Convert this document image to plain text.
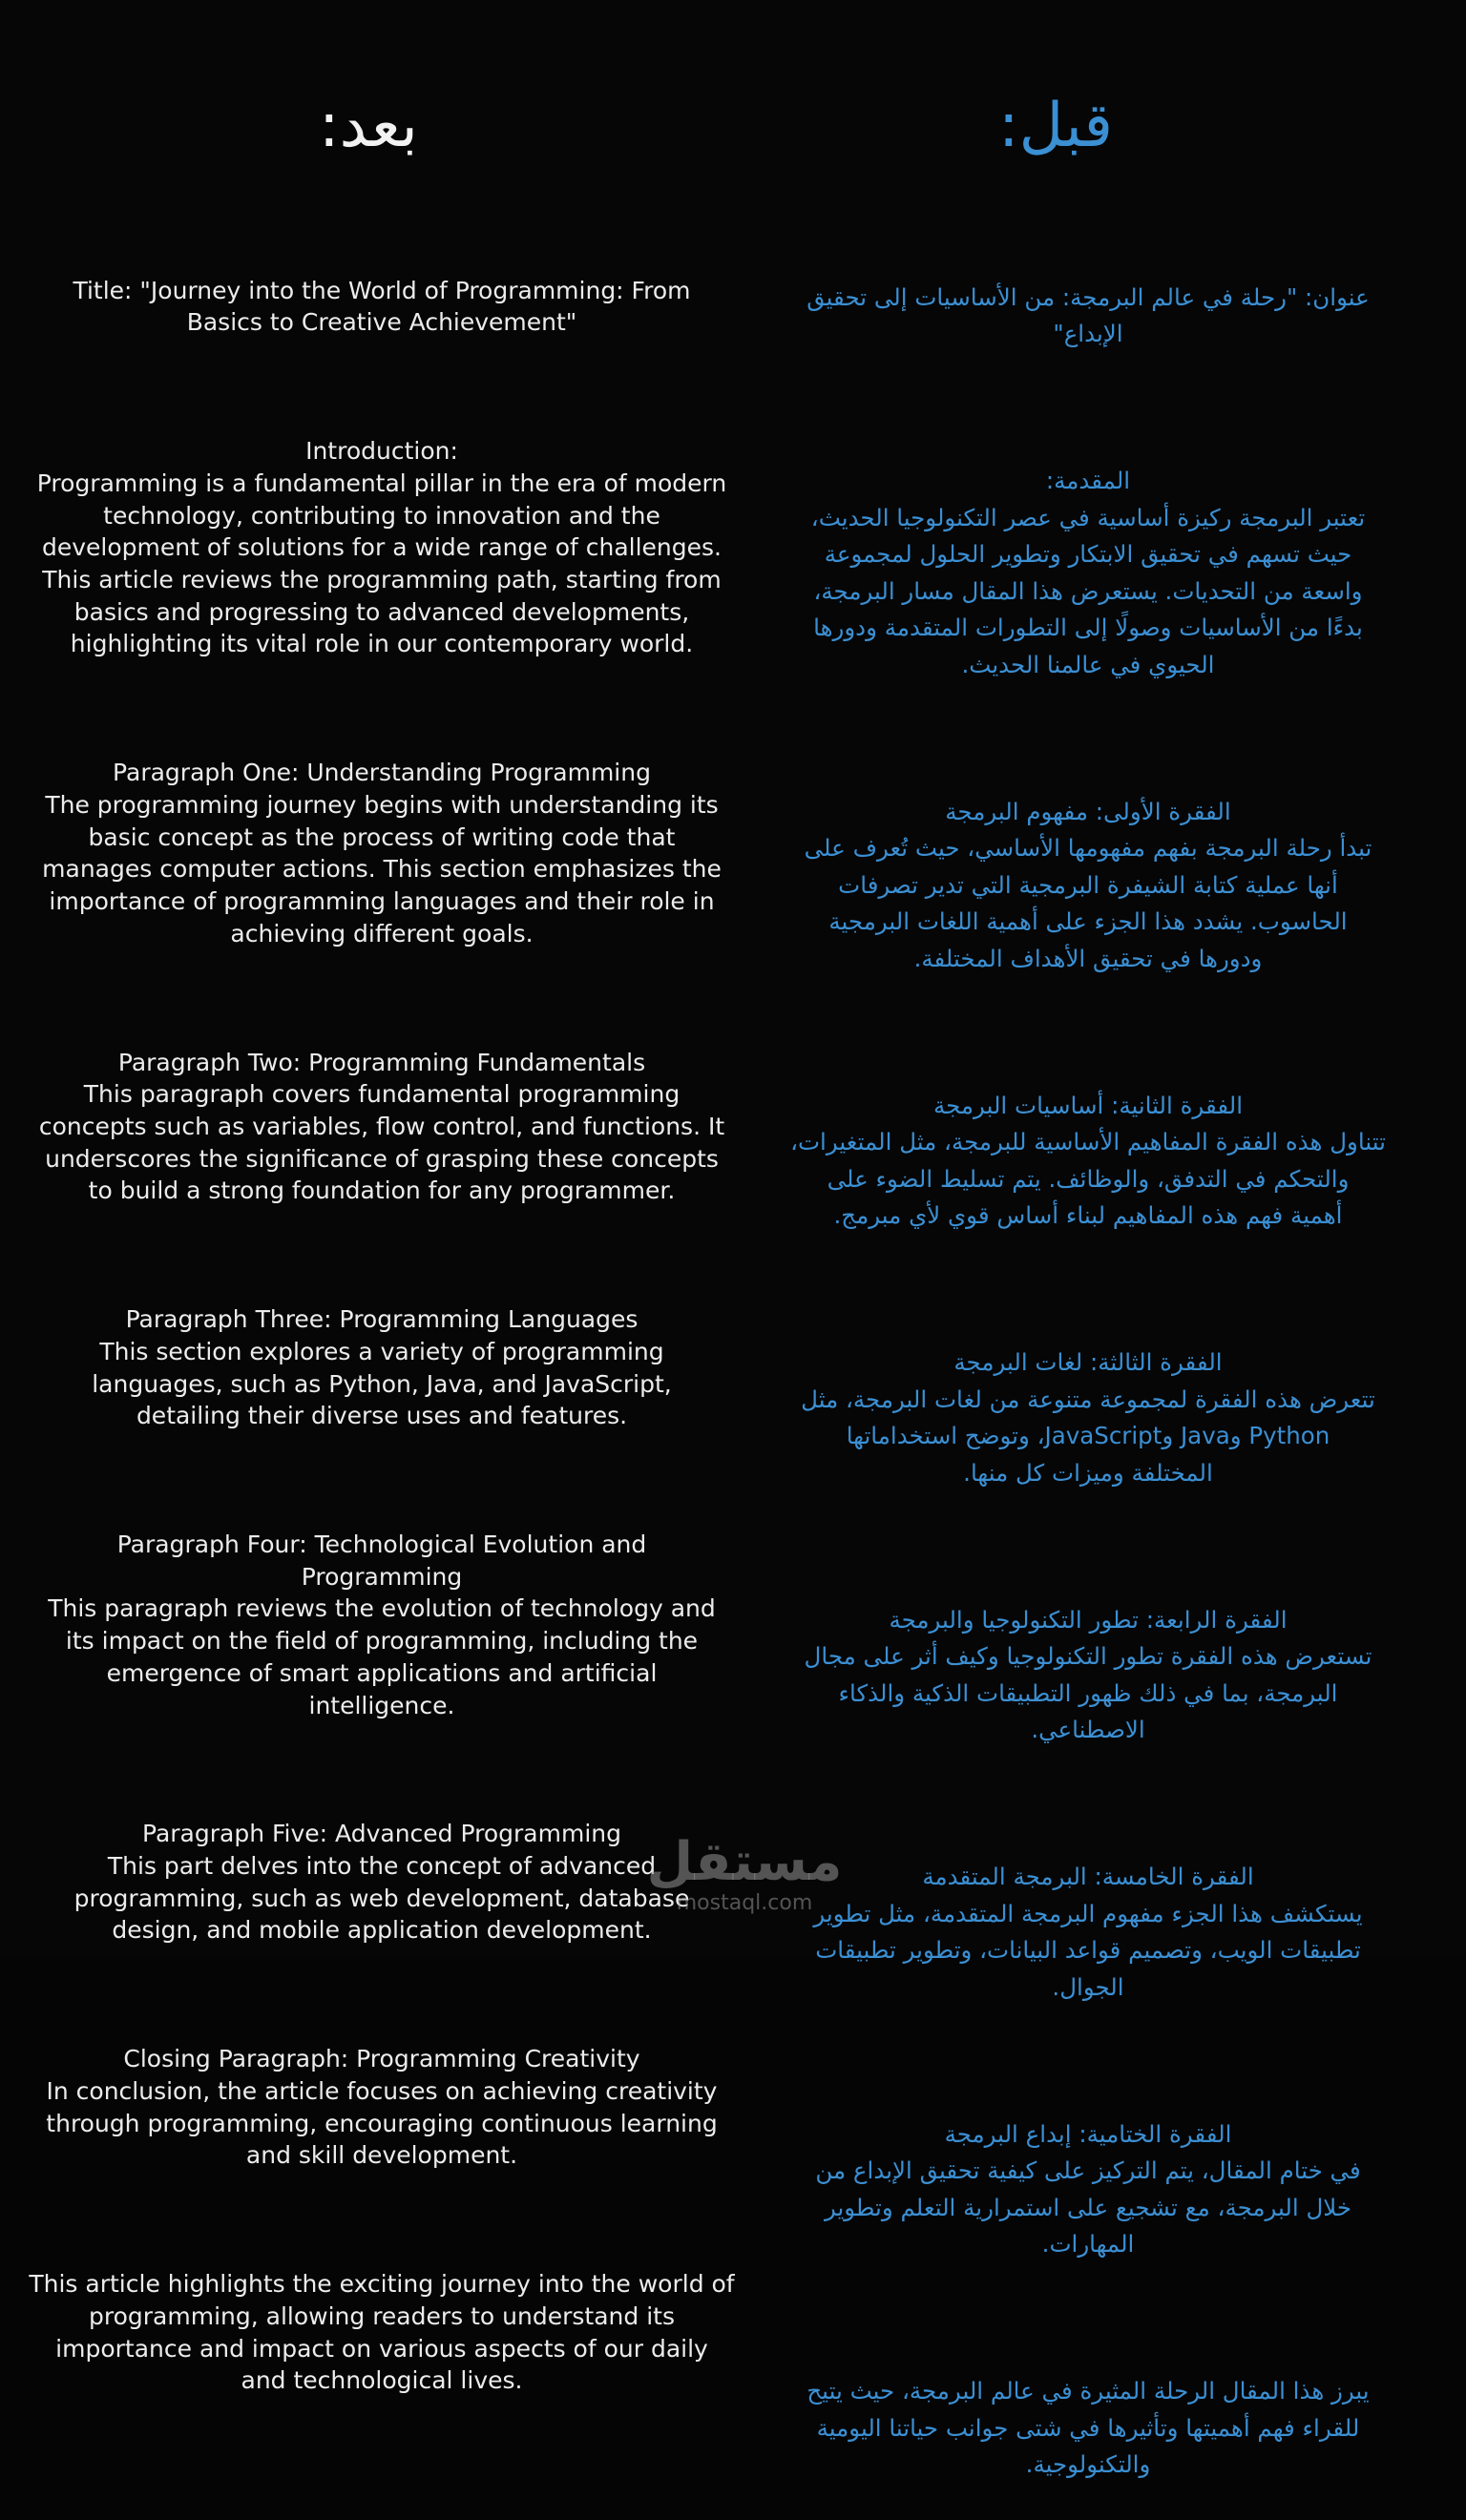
بعد:	قبل:

Title: "Journey into the World of Programming: From
Basics to Creative Achievement"

Introduction:
Programming is a fundamental pillar in the era of modern
technology, contributing to innovation and the
development of solutions for a wide range of challenges.
This article reviews the programming path, starting from
basics and progressing to advanced developments,
highlighting its vital role in our contemporary world.

Paragraph One: Understanding Programming
The programming journey begins with understanding its
basic concept as the process of writing code that
manages computer actions. This section emphasizes the
importance of programming languages and their role in
achieving different goals.

Paragraph Two: Programming Fundamentals
This paragraph covers fundamental programming
concepts such as variables, flow control, and functions. It
underscores the significance of grasping these concepts
to build a strong foundation for any programmer.

Paragraph Three: Programming Languages
This section explores a variety of programming
languages, such as Python, Java, and JavaScript,
detailing their diverse uses and features.

Paragraph Four: Technological Evolution and
Programming
This paragraph reviews the evolution of technology and
its impact on the field of programming, including the
emergence of smart applications and artificial
intelligence.

Paragraph Five: Advanced Programming
This part delves into the concept of advanced
programming, such as web development, database
design, and mobile application development.

Closing Paragraph: Programming Creativity
In conclusion, the article focuses on achieving creativity
through programming, encouraging continuous learning
and skill development.

This article highlights the exciting journey into the world of
programming, allowing readers to understand its
importance and impact on various aspects of our daily
and technological lives.

عنوان: "رحلة في عالم البرمجة: من الأساسيات إلى تحقيق
الإبداع"

المقدمة:
تعتبر البرمجة ركيزة أساسية في عصر التكنولوجيا الحديث،
حيث تسهم في تحقيق الابتكار وتطوير الحلول لمجموعة
واسعة من التحديات. يستعرض هذا المقال مسار البرمجة،
بدءًا من الأساسيات وصولًا إلى التطورات المتقدمة ودورها
الحيوي في عالمنا الحديث.

الفقرة الأولى: مفهوم البرمجة
تبدأ رحلة البرمجة بفهم مفهومها الأساسي، حيث تُعرف على
أنها عملية كتابة الشيفرة البرمجية التي تدير تصرفات
الحاسوب. يشدد هذا الجزء على أهمية اللغات البرمجية
ودورها في تحقيق الأهداف المختلفة.

الفقرة الثانية: أساسيات البرمجة
تتناول هذه الفقرة المفاهيم الأساسية للبرمجة، مثل المتغيرات،
والتحكم في التدفق، والوظائف. يتم تسليط الضوء على
أهمية فهم هذه المفاهيم لبناء أساس قوي لأي مبرمج.

الفقرة الثالثة: لغات البرمجة
تتعرض هذه الفقرة لمجموعة متنوعة من لغات البرمجة، مثل
Python وJava وJavaScript، وتوضح استخداماتها
المختلفة وميزات كل منها.

الفقرة الرابعة: تطور التكنولوجيا والبرمجة
تستعرض هذه الفقرة تطور التكنولوجيا وكيف أثر على مجال
البرمجة، بما في ذلك ظهور التطبيقات الذكية والذكاء
الاصطناعي.

الفقرة الخامسة: البرمجة المتقدمة
يستكشف هذا الجزء مفهوم البرمجة المتقدمة، مثل تطوير
تطبيقات الويب، وتصميم قواعد البيانات، وتطوير تطبيقات
الجوال.

الفقرة الختامية: إبداع البرمجة
في ختام المقال، يتم التركيز على كيفية تحقيق الإبداع من
خلال البرمجة، مع تشجيع على استمرارية التعلم وتطوير
المهارات.

يبرز هذا المقال الرحلة المثيرة في عالم البرمجة، حيث يتيح
للقراء فهم أهميتها وتأثيرها في شتى جوانب حياتنا اليومية
والتكنولوجية.

مستقل
mostaql.com
